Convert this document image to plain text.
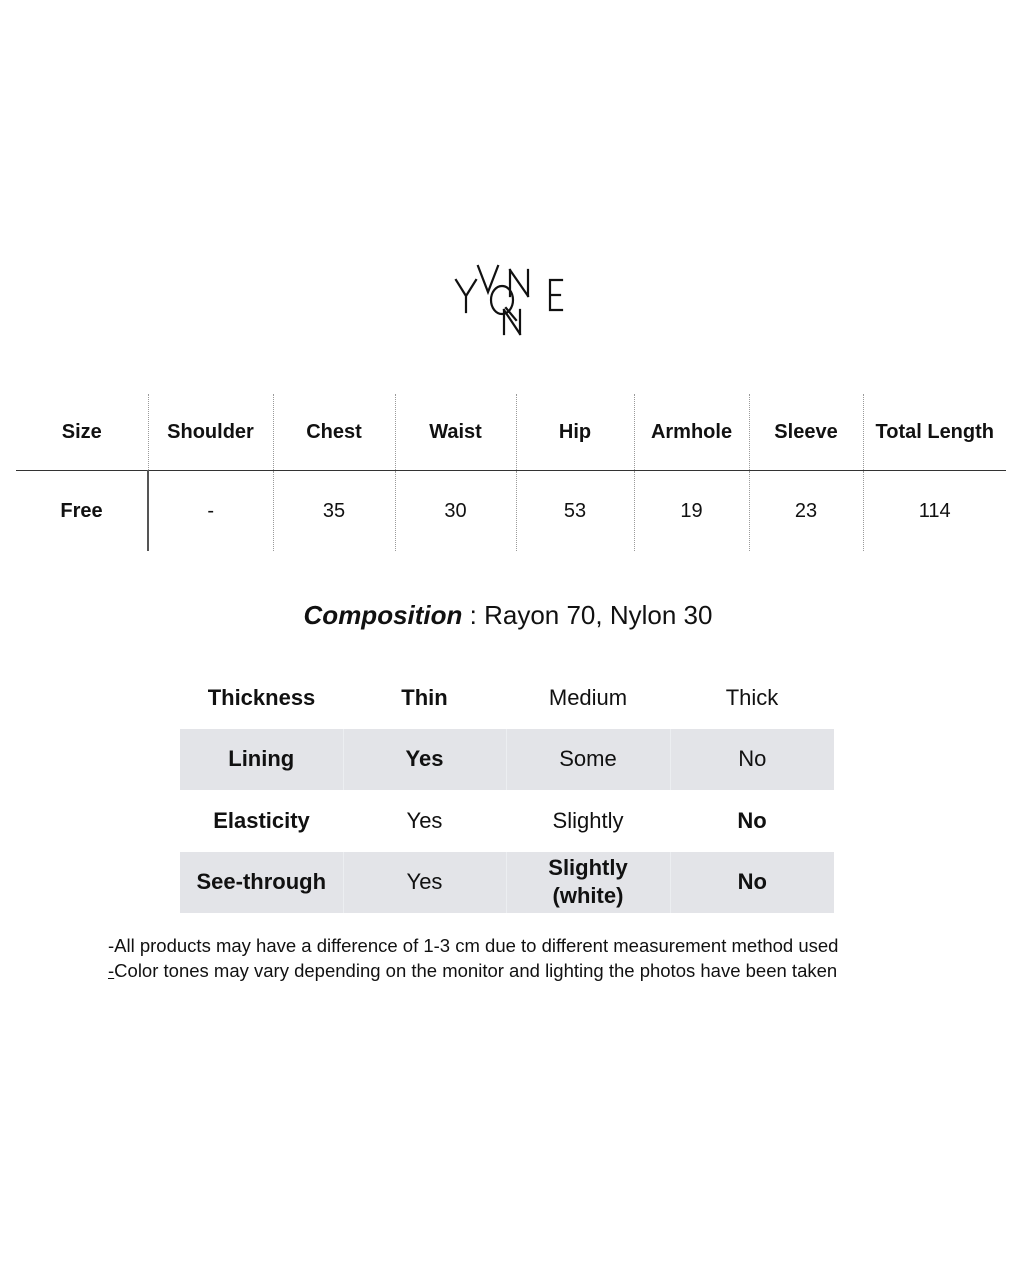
Size	Shoulder	Chest	Waist	Hip	Armhole	Sleeve	Total Length
Free	-	35	30	53	19	23	114
Composition : Rayon 70, Nylon 30
Thickness	Thin	Medium	Thick
Lining	Yes	Some	No
Elasticity	Yes	Slightly	No
See-through	Yes	Slightly (white)	No
-All products may have a difference of 1-3 cm due to different measurement method used
-Color tones may vary depending on the monitor and lighting the photos have been taken
